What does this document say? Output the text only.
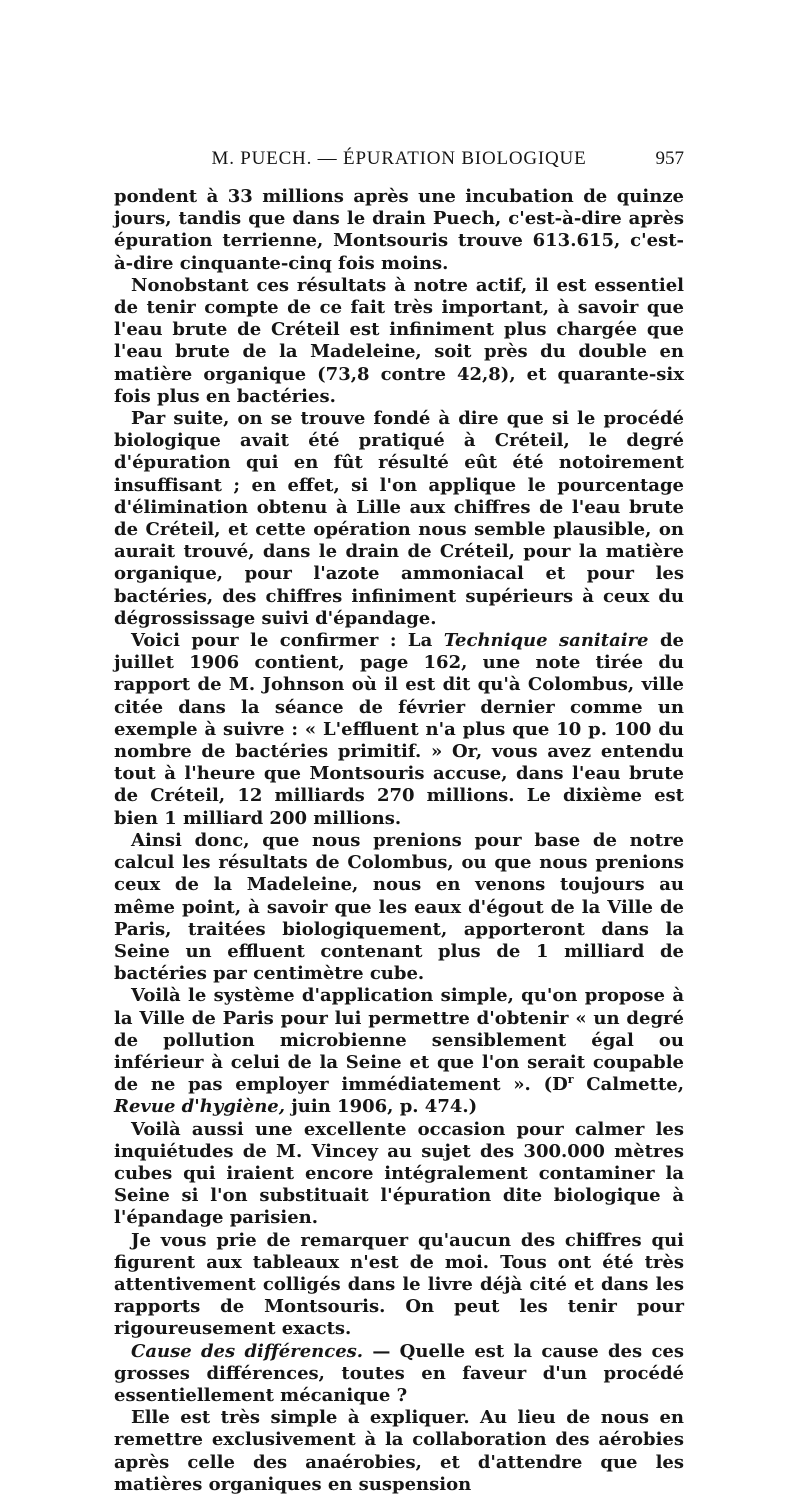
M. PUECH. — ÉPURATION BIOLOGIQUE	957

pondent à 33 millions après une incubation de quinze jours, tandis que dans le drain Puech, c'est-à-dire après épuration terrienne, Montsouris trouve 613.615, c'est-à-dire cinquante-cinq fois moins.

Nonobstant ces résultats à notre actif, il est essentiel de tenir compte de ce fait très important, à savoir que l'eau brute de Créteil est infiniment plus chargée que l'eau brute de la Madeleine, soit près du double en matière organique (73,8 contre 42,8), et quarante-six fois plus en bactéries.

Par suite, on se trouve fondé à dire que si le procédé biologique avait été pratiqué à Créteil, le degré d'épuration qui en fût résulté eût été notoirement insuffisant ; en effet, si l'on applique le pourcentage d'élimination obtenu à Lille aux chiffres de l'eau brute de Créteil, et cette opération nous semble plausible, on aurait trouvé, dans le drain de Créteil, pour la matière organique, pour l'azote ammoniacal et pour les bactéries, des chiffres infiniment supérieurs à ceux du dégrossissage suivi d'épandage.

Voici pour le confirmer : La Technique sanitaire de juillet 1906 contient, page 162, une note tirée du rapport de M. Johnson où il est dit qu'à Colombus, ville citée dans la séance de février dernier comme un exemple à suivre : « L'effluent n'a plus que 10 p. 100 du nombre de bactéries primitif. » Or, vous avez entendu tout à l'heure que Montsouris accuse, dans l'eau brute de Créteil, 12 milliards 270 millions. Le dixième est bien 1 milliard 200 millions.

Ainsi donc, que nous prenions pour base de notre calcul les résultats de Colombus, ou que nous prenions ceux de la Madeleine, nous en venons toujours au même point, à savoir que les eaux d'égout de la Ville de Paris, traitées biologiquement, apporteront dans la Seine un effluent contenant plus de 1 milliard de bactéries par centimètre cube.

Voilà le système d'application simple, qu'on propose à la Ville de Paris pour lui permettre d'obtenir « un degré de pollution microbienne sensiblement égal ou inférieur à celui de la Seine et que l'on serait coupable de ne pas employer immédiatement ». ($D^r$ Calmette, Revue d'hygiène, juin 1906, p. 474.)

Voilà aussi une excellente occasion pour calmer les inquiétudes de M. Vincey au sujet des 300.000 mètres cubes qui iraient encore intégralement contaminer la Seine si l'on substituait l'épuration dite biologique à l'épandage parisien.

Je vous prie de remarquer qu'aucun des chiffres qui figurent aux tableaux n'est de moi. Tous ont été très attentivement colligés dans le livre déjà cité et dans les rapports de Montsouris. On peut les tenir pour rigoureusement exacts.

Cause des différences. — Quelle est la cause des ces grosses différences, toutes en faveur d'un procédé essentiellement mécanique ?

Elle est très simple à expliquer. Au lieu de nous en remettre exclusivement à la collaboration des aérobies après celle des anaérobies, et d'attendre que les matières organiques en suspension
